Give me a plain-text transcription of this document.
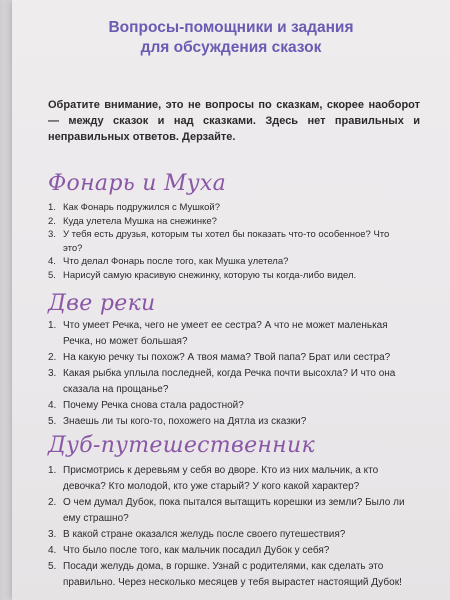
Вопросы-помощники и задания
для обсуждения сказок
Обратите внимание, это не вопросы по сказкам, скорее наоборот — между сказок и над сказками. Здесь нет правильных и неправильных ответов. Дерзайте.
Фонарь и Муха
1. Как Фонарь подружился с Мушкой?
2. Куда улетела Мушка на снежинке?
3. У тебя есть друзья, которым ты хотел бы показать что-то особенное? Что это?
4. Что делал Фонарь после того, как Мушка улетела?
5. Нарисуй самую красивую снежинку, которую ты когда-либо видел.
Две реки
1. Что умеет Речка, чего не умеет ее сестра? А что не может маленькая Речка, но может большая?
2. На какую речку ты похож? А твоя мама? Твой папа? Брат или сестра?
3. Какая рыбка уплыла последней, когда Речка почти высохла? И что она сказала на прощанье?
4. Почему Речка снова стала радостной?
5. Знаешь ли ты кого-то, похожего на Дятла из сказки?
Дуб-путешественник
1. Присмотрись к деревьям у себя во дворе. Кто из них мальчик, а кто девочка? Кто молодой, кто уже старый? У кого какой характер?
2. О чем думал Дубок, пока пытался вытащить корешки из земли? Было ли ему страшно?
3. В какой стране оказался желудь после своего путешествия?
4. Что было после того, как мальчик посадил Дубок у себя?
5. Посади желудь дома, в горшке. Узнай с родителями, как сделать это правильно. Через несколько месяцев у тебя вырастет настоящий Дубок!
